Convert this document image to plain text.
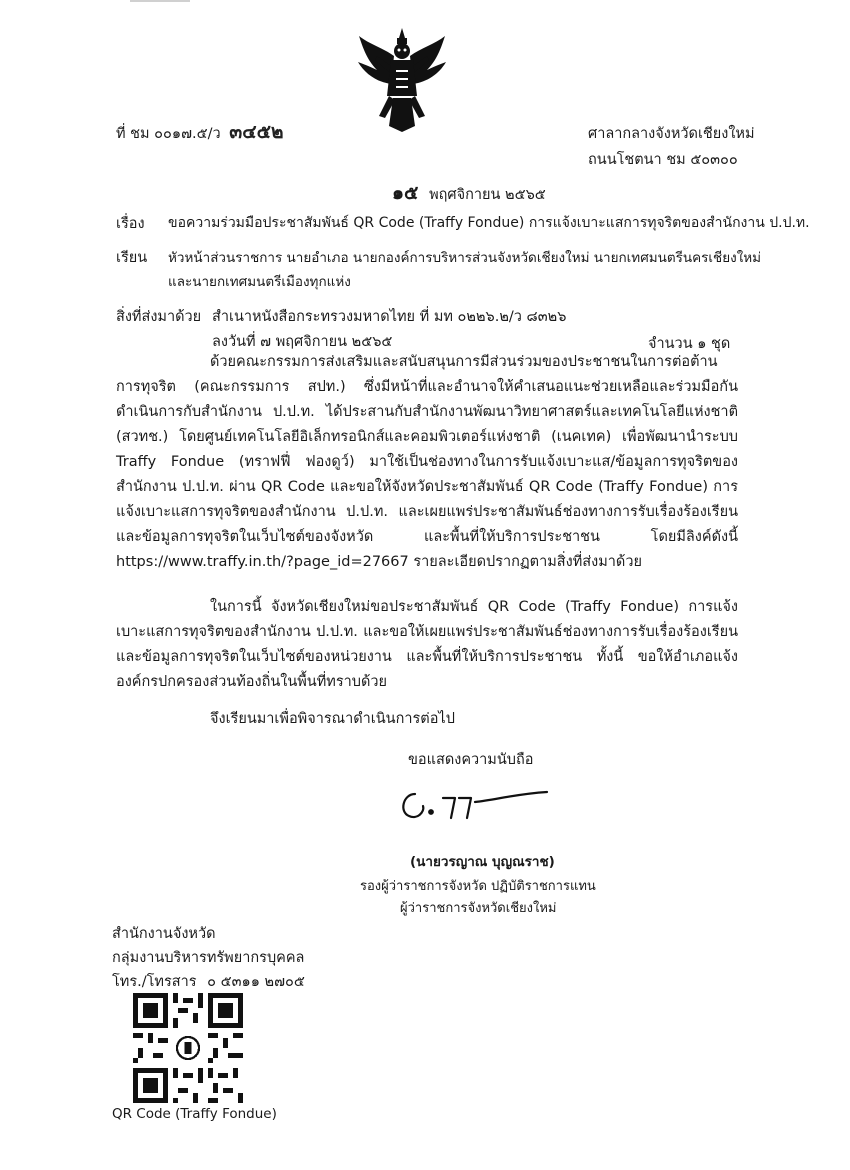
ที่ ชม ๐๐๑๗.๕/ว ๓๔๕๒	ศาลากลางจังหวัดเชียงใหม่
ถนนโชตนา ชม ๕๐๓๐๐
๑๕ พฤศจิกายน ๒๕๖๕
เรื่อง ขอความร่วมมือประชาสัมพันธ์ QR Code (Traffy Fondue) การแจ้งเบาะแสการทุจริตของสำนักงาน ป.ป.ท.
เรียน หัวหน้าส่วนราชการ นายอำเภอ นายกองค์การบริหารส่วนจังหวัดเชียงใหม่ นายกเทศมนตรีนครเชียงใหม่
และนายกเทศมนตรีเมืองทุกแห่ง
สิ่งที่ส่งมาด้วย สำเนาหนังสือกระทรวงมหาดไทย ที่ มท ๐๒๒๖.๒/ว ๘๓๒๖
ลงวันที่ ๗ พฤศจิกายน ๒๕๖๕	จำนวน ๑ ชุด
ด้วยคณะกรรมการส่งเสริมและสนับสนุนการมีส่วนร่วมของประชาชนในการต่อต้านการทุจริต (คณะกรรมการ สปท.) ซึ่งมีหน้าที่และอำนาจให้คำเสนอแนะช่วยเหลือและร่วมมือกันดำเนินการกับสำนักงาน ป.ป.ท. ได้ประสานกับสำนักงานพัฒนาวิทยาศาสตร์และเทคโนโลยีแห่งชาติ (สวทช.) โดยศูนย์เทคโนโลยีอิเล็กทรอนิกส์และคอมพิวเตอร์แห่งชาติ (เนคเทค) เพื่อพัฒนานำระบบ Traffy Fondue (ทราฟฟี่ ฟองดูว์) มาใช้เป็นช่องทางในการรับแจ้งเบาะแส/ข้อมูลการทุจริตของสำนักงาน ป.ป.ท. ผ่าน QR Code และขอให้จังหวัดประชาสัมพันธ์ QR Code (Traffy Fondue) การแจ้งเบาะแสการทุจริตของสำนักงาน ป.ป.ท. และเผยแพร่ประชาสัมพันธ์ช่องทางการรับเรื่องร้องเรียนและข้อมูลการทุจริตในเว็บไซต์ของจังหวัด และพื้นที่ให้บริการประชาชน โดยมีลิงค์ดังนี้ https://www.traffy.in.th/?page_id=27667 รายละเอียดปรากฏตามสิ่งที่ส่งมาด้วย
ในการนี้ จังหวัดเชียงใหม่ขอประชาสัมพันธ์ QR Code (Traffy Fondue) การแจ้งเบาะแสการทุจริตของสำนักงาน ป.ป.ท. และขอให้เผยแพร่ประชาสัมพันธ์ช่องทางการรับเรื่องร้องเรียนและข้อมูลการทุจริตในเว็บไซต์ของหน่วยงาน และพื้นที่ให้บริการประชาชน ทั้งนี้ ขอให้อำเภอแจ้งองค์กรปกครองส่วนท้องถิ่นในพื้นที่ทราบด้วย
จึงเรียนมาเพื่อพิจารณาดำเนินการต่อไป
ขอแสดงความนับถือ
(นายวรญาณ บุญณราช)
รองผู้ว่าราชการจังหวัด ปฏิบัติราชการแทน
ผู้ว่าราชการจังหวัดเชียงใหม่
สำนักงานจังหวัด
กลุ่มงานบริหารทรัพยากรบุคคล
โทร./โทรสาร ๐ ๕๓๑๑ ๒๗๐๕
QR Code (Traffy Fondue)
